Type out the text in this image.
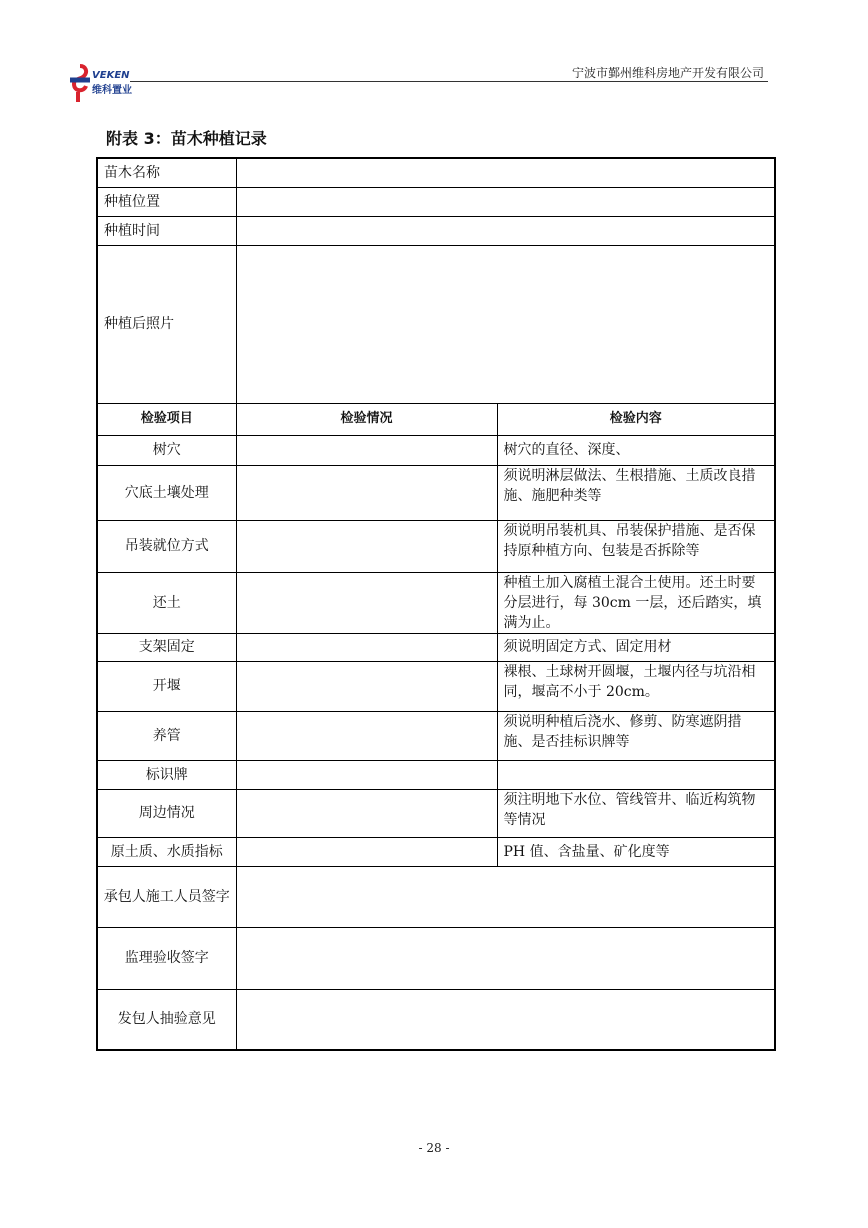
VEKEN
维科置业
宁波市鄞州维科房地产开发有限公司
附表 3：苗木种植记录
苗木名称		
种植位置		
种植时间		
种植后照片		
检验项目	检验情况	检验内容
树穴		树穴的直径、深度、
穴底土壤处理		须说明淋层做法、生根措施、土质改良措施、施肥种类等
吊装就位方式		须说明吊装机具、吊装保护措施、是否保持原种植方向、包装是否拆除等
还土		种植土加入腐植土混合土使用。还土时要分层进行，每 30cm 一层，还后踏实，填满为止。
支架固定		须说明固定方式、固定用材
开堰		裸根、土球树开圆堰，土堰内径与坑沿相同，堰高不小于 20cm。
养管		须说明种植后浇水、修剪、防寒遮阴措施、是否挂标识牌等
标识牌		
周边情况		须注明地下水位、管线管井、临近构筑物等情况
原土质、水质指标		PH 值、含盐量、矿化度等
承包人施工人员签字		
监理验收签字		
发包人抽验意见		
- 28 -
